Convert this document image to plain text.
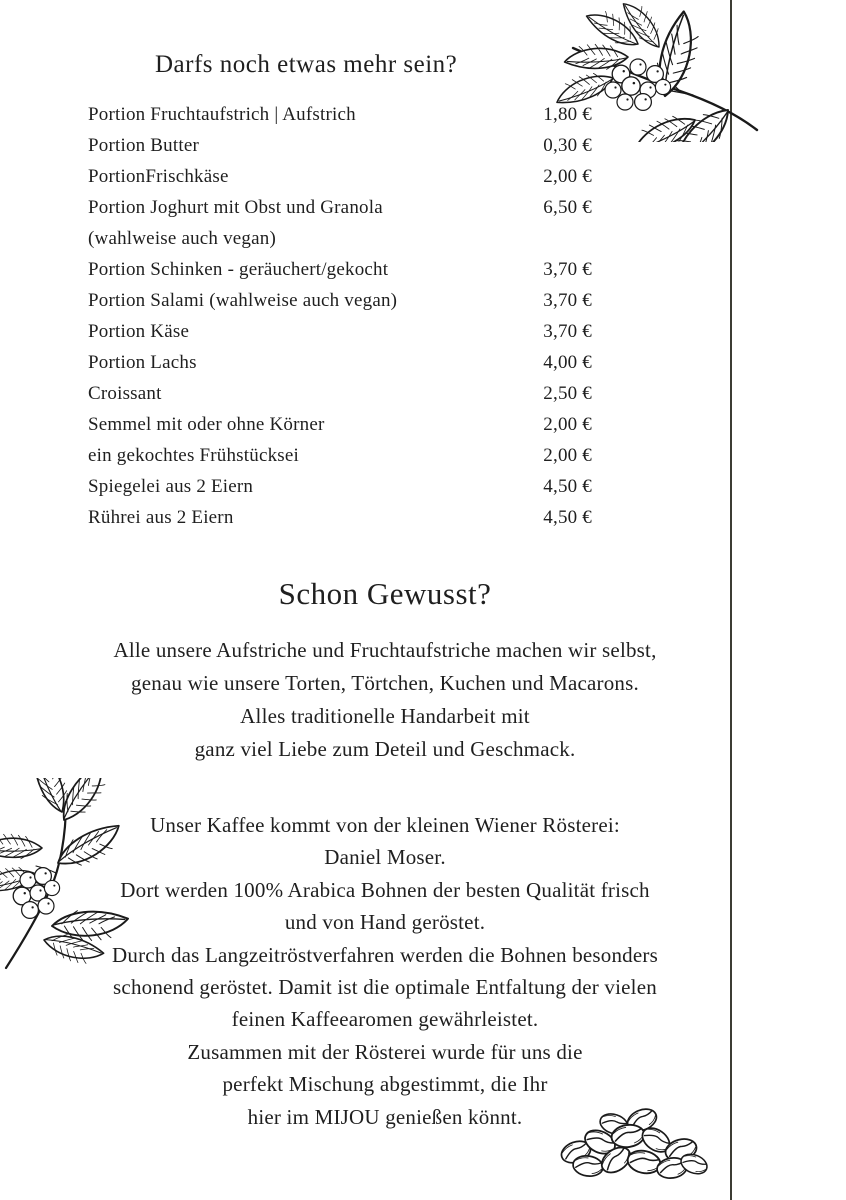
Darfs noch etwas mehr sein?
Portion Fruchtaufstrich | Aufstrich	1,80 €
Portion Butter	0,30 €
PortionFrischkäse	2,00 €
Portion Joghurt mit Obst und Granola	6,50 €
(wahlweise auch vegan)
Portion Schinken - geräuchert/gekocht	3,70 €
Portion Salami (wahlweise auch vegan)	3,70 €
Portion Käse	3,70 €
Portion Lachs	4,00 €
Croissant	2,50 €
Semmel mit oder ohne Körner	2,00 €
ein gekochtes Frühstücksei	2,00 €
Spiegelei aus 2 Eiern	4,50 €
Rührei aus 2 Eiern	4,50 €
Schon Gewusst?
Alle unsere Aufstriche und Fruchtaufstriche machen wir selbst,
genau wie unsere Torten, Törtchen, Kuchen und Macarons.
Alles traditionelle Handarbeit mit
ganz viel Liebe zum Deteil und Geschmack.
Unser Kaffee kommt von der kleinen Wiener Rösterei:
Daniel Moser.
Dort werden 100% Arabica Bohnen der besten Qualität frisch
und von Hand geröstet.
Durch das Langzeitröstverfahren werden die Bohnen besonders
schonend geröstet. Damit ist die optimale Entfaltung der vielen
feinen Kaffeearomen gewährleistet.
Zusammen mit der Rösterei wurde für uns die
perfekt Mischung abgestimmt, die Ihr
hier im MIJOU genießen könnt.
